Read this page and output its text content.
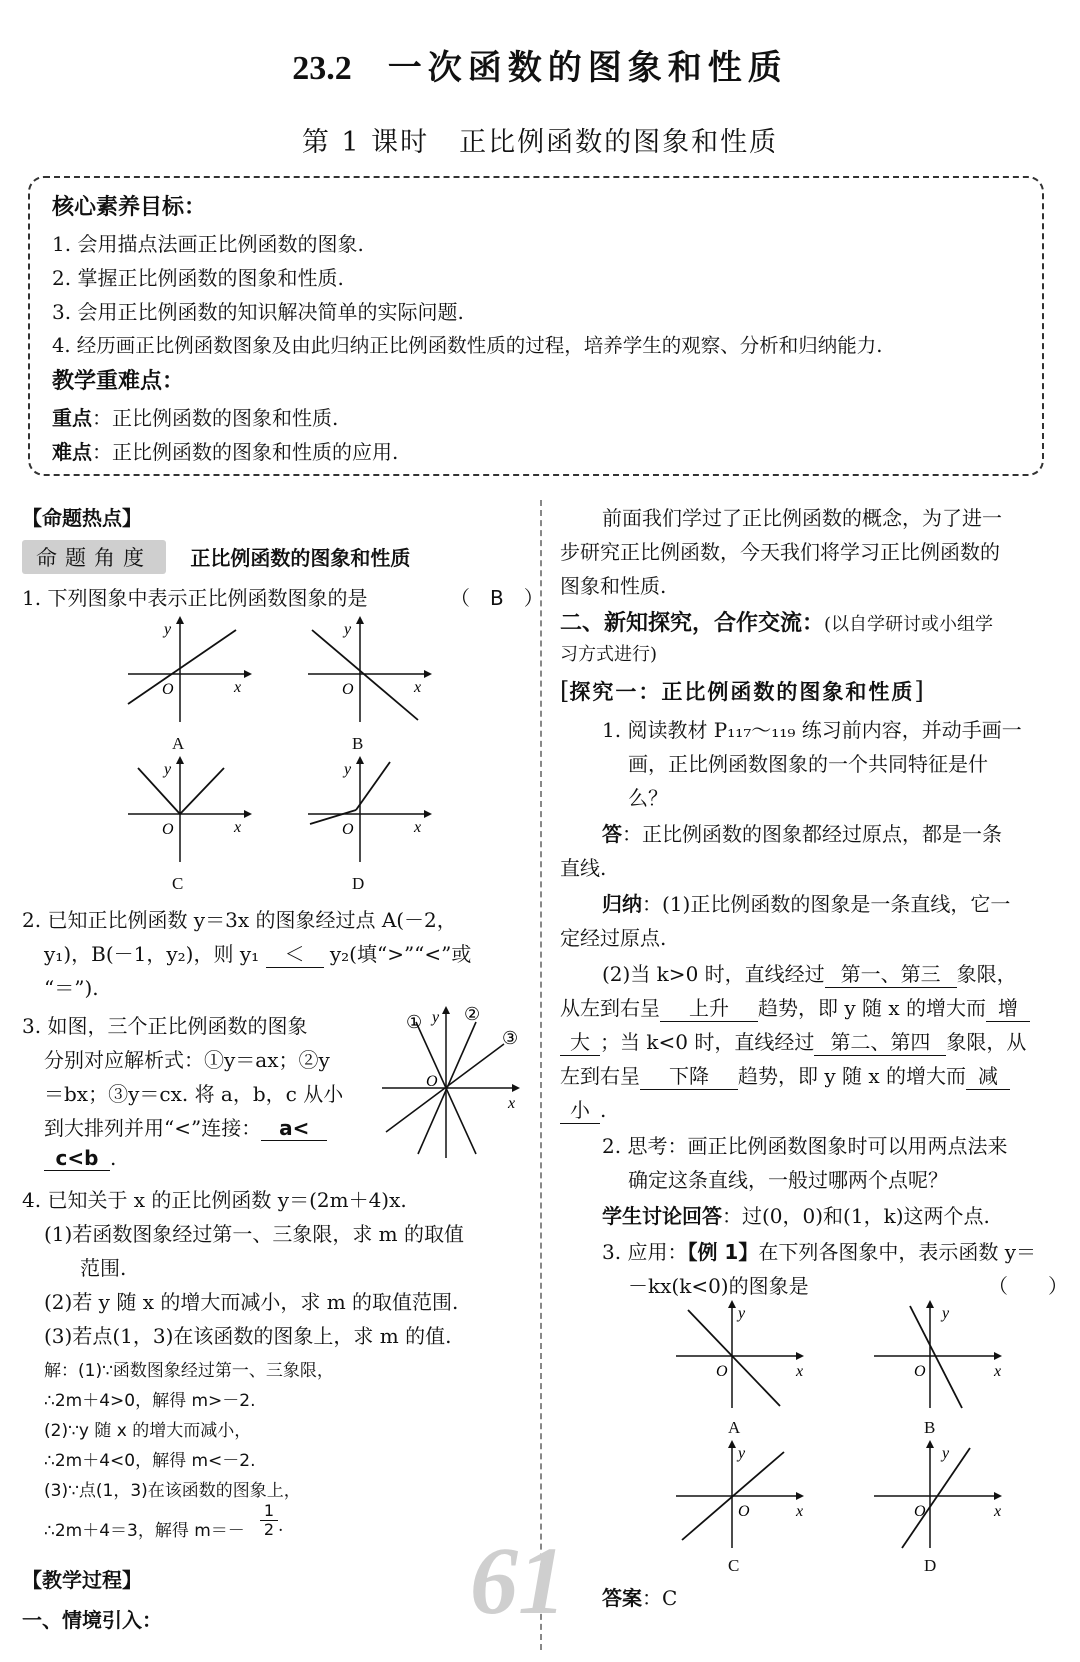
23.2 一次函数的图象和性质
第 1 课时 正比例函数的图象和性质
核心素养目标：
1. 会用描点法画正比例函数的图象.
2. 掌握正比例函数的图象和性质.
3. 会用正比例函数的知识解决简单的实际问题.
4. 经历画正比例函数图象及由此归纳正比例函数性质的过程，培养学生的观察、分析和归纳能力.
教学重难点：
重点：正比例函数的图象和性质.
难点：正比例函数的图象和性质的应用.
【命题热点】
命题角度 正比例函数的图象和性质
1. 下列图象中表示正比例函数图象的是	（　B　）
y
x
O
A
y
x
O
B
y
x
O
C
y
x
O
D
2. 已知正比例函数 y＝3x 的图象经过点 A(－2，
y₁)，B(－1，y₂)，则 y₁ ＜ y₂(填“>”“<”或
“＝”).
3. 如图，三个正比例函数的图象
分别对应解析式：①y＝ax；②y
＝bx；③y＝cx. 将 a，b，c 从小
到大排列并用“<”连接： a<
c<b .
① ②
③
y
x
O
4. 已知关于 x 的正比例函数 y＝(2m＋4)x.
(1)若函数图象经过第一、三象限，求 m 的取值
范围.
(2)若 y 随 x 的增大而减小，求 m 的取值范围.
(3)若点(1，3)在该函数的图象上，求 m 的值.
解：(1)∵函数图象经过第一、三象限，
∴2m＋4>0，解得 m>－2.
(2)∵y 随 x 的增大而减小，
∴2m＋4<0，解得 m<－2.
(3)∵点(1，3)在该函数的图象上，
∴2m＋4＝3，解得 $m=- \frac{1}{2}$ .
【教学过程】
一、情境引入：	61
前面我们学过了正比例函数的概念，为了进一
步研究正比例函数，今天我们将学习正比例函数的
图象和性质.
二、新知探究，合作交流：(以自学研讨或小组学
习方式进行)
[探究一：正比例函数的图象和性质]
1. 阅读教材 P₁₁₇～₁₁₉ 练习前内容，并动手画一
画，正比例函数图象的一个共同特征是什
么？
答：正比例函数的图象都经过原点，都是一条
直线.
归纳：(1)正比例函数的图象是一条直线，它一
定经过原点.
(2)当 k>0 时，直线经过 第一、第三 象限，
从左到右呈 上升 趋势，即 y 随 x 的增大而 增
大 ；当 k<0 时，直线经过 第二、第四 象限，从
左到右呈 下降 趋势，即 y 随 x 的增大而 减
小 .
2. 思考：画正比例函数图象时可以用两点法来
确定这条直线，一般过哪两个点呢？
学生讨论回答：过(0，0)和(1，k)这两个点.
3. 应用：【例 1】在下列各图象中，表示函数 y＝
－kx(k<0)的图象是	（　　）
y
x
O
A
y
x
O
B
y
x
O
C
y
x
O
D
答案：C
